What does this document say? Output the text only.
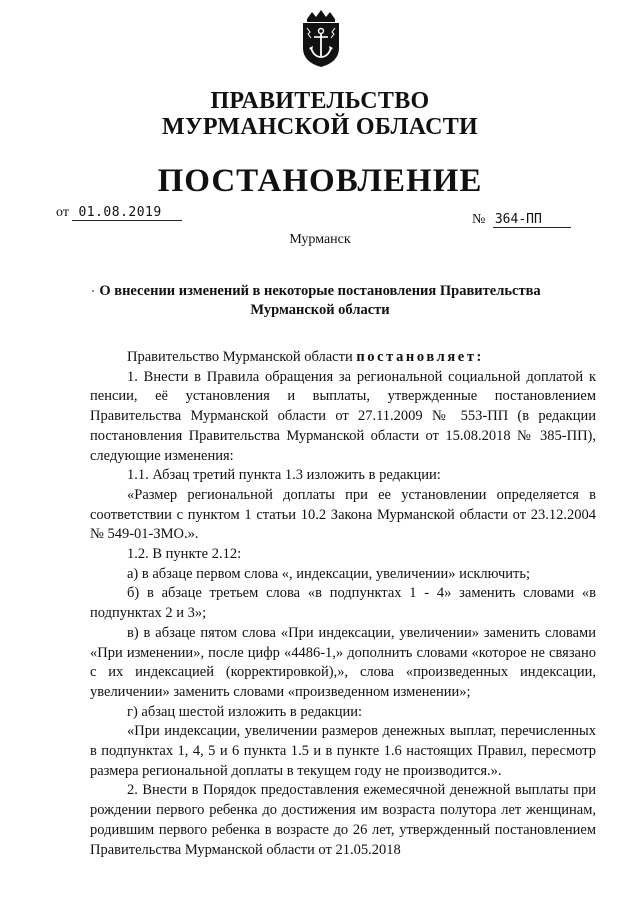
ПРАВИТЕЛЬСТВО
МУРМАНСКОЙ ОБЛАСТИ
ПОСТАНОВЛЕНИЕ
от 01.08.2019	№ 364-ПП
Мурманск
О внесении изменений в некоторые постановления Правительства
Мурманской области

Правительство Мурманской области постановляет:

1. Внести в Правила обращения за региональной социальной доплатой к пенсии, её установления и выплаты, утвержденные постановлением Правительства Мурманской области от 27.11.2009 № 553-ПП (в редакции постановления Правительства Мурманской области от 15.08.2018 № 385-ПП), следующие изменения:

1.1. Абзац третий пункта 1.3 изложить в редакции:

«Размер региональной доплаты при ее установлении определяется в соответствии с пунктом 1 статьи 10.2 Закона Мурманской области от 23.12.2004 № 549-01-ЗМО.».

1.2. В пункте 2.12:

а) в абзаце первом слова «, индексации, увеличении» исключить;

б) в абзаце третьем слова «в подпунктах 1 - 4» заменить словами «в подпунктах 2 и 3»;

в) в абзаце пятом слова «При индексации, увеличении» заменить словами «При изменении», после цифр «4486-1,» дополнить словами «которое не связано с их индексацией (корректировкой),», слова «произведенных индексации, увеличении» заменить словами «произведенном изменении»;

г) абзац шестой изложить в редакции:

«При индексации, увеличении размеров денежных выплат, перечисленных в подпунктах 1, 4, 5 и 6 пункта 1.5 и в пункте 1.6 настоящих Правил, пересмотр размера региональной доплаты в текущем году не производится.».

2. Внести в Порядок предоставления ежемесячной денежной выплаты при рождении первого ребенка до достижения им возраста полутора лет женщинам, родившим первого ребенка в возрасте до 26 лет, утвержденный постановлением Правительства Мурманской области от 21.05.2018
